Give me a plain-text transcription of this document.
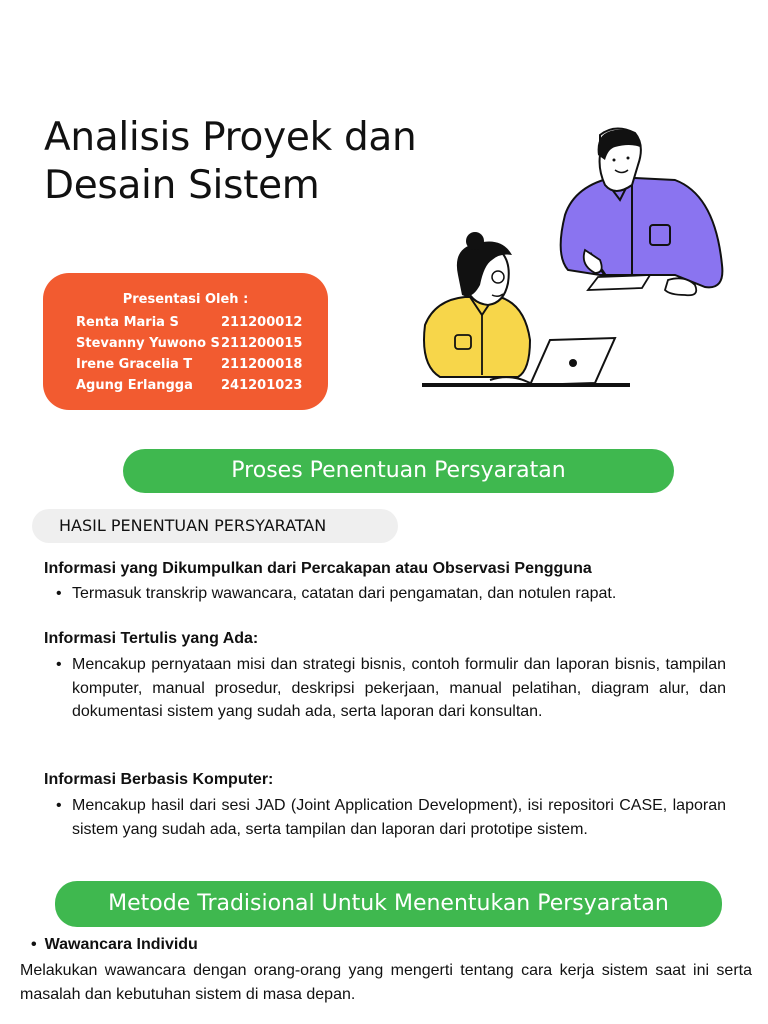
Analisis Proyek dan
Desain Sistem
Presentasi Oleh :
Renta Maria S	211200012
Stevanny Yuwono S 211200015
Irene Gracelia T 211200018
Agung Erlangga 241201023
Proses Penentuan Persyaratan
HASIL PENENTUAN PERSYARATAN
Informasi yang Dikumpulkan dari Percakapan atau Observasi Pengguna
• Termasuk transkrip wawancara, catatan dari pengamatan, dan notulen rapat.
Informasi Tertulis yang Ada:
• Mencakup pernyataan misi dan strategi bisnis, contoh formulir dan laporan bisnis, tampilan komputer, manual prosedur, deskripsi pekerjaan, manual pelatihan, diagram alur, dan dokumentasi sistem yang sudah ada, serta laporan dari konsultan.
Informasi Berbasis Komputer:
• Mencakup hasil dari sesi JAD (Joint Application Development), isi repositori CASE, laporan sistem yang sudah ada, serta tampilan dan laporan dari prototipe sistem.
Metode Tradisional Untuk Menentukan Persyaratan
• Wawancara Individu
Melakukan wawancara dengan orang-orang yang mengerti tentang cara kerja sistem saat ini serta masalah dan kebutuhan sistem di masa depan.
